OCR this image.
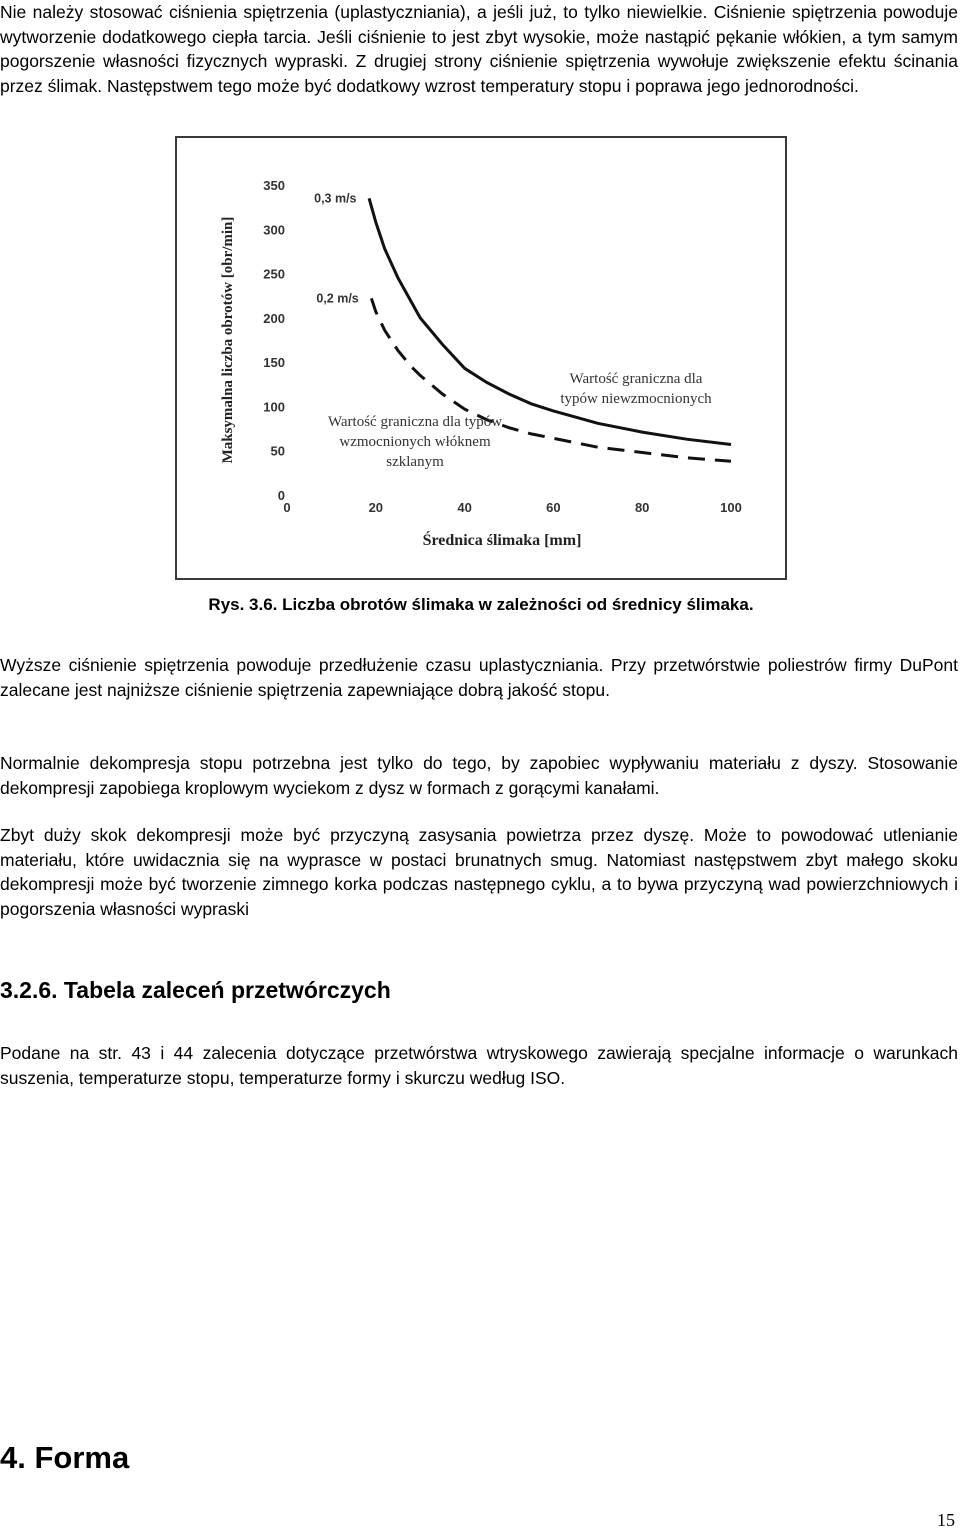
Nie należy stosować ciśnienia spiętrzenia (uplastyczniania), a jeśli już, to tylko niewielkie. Ciśnienie spiętrzenia powoduje wytworzenie dodatkowego ciepła tarcia. Jeśli ciśnienie to jest zbyt wysokie, może nastąpić pękanie włókien, a tym samym pogorszenie własności fizycznych wypraski. Z drugiej strony ciśnienie spiętrzenia wywołuje zwiększenie efektu ścinania przez ślimak. Następstwem tego może być dodatkowy wzrost temperatury stopu i poprawa jego jednorodności.

0
50
100
150
200
250
300
350
0	20	40	60	80	100
0,3 m/s
0,2 m/s
Wartość graniczna dla typów niewzmocnionych
Wartość graniczna dla typów wzmocnionych włóknem szklanym
Średnica ślimaka [mm]
Maksymalna liczba obrotów [obr/min]

Rys. 3.6. Liczba obrotów ślimaka w zależności od średnicy ślimaka.

Wyższe ciśnienie spiętrzenia powoduje przedłużenie czasu uplastyczniania. Przy przetwórstwie poliestrów firmy DuPont zalecane jest najniższe ciśnienie spiętrzenia zapewniające dobrą jakość stopu.

Normalnie dekompresja stopu potrzebna jest tylko do tego, by zapobiec wypływaniu materiału z dyszy. Stosowanie dekompresji zapobiega kroplowym wyciekom z dysz w formach z gorącymi kanałami.

Zbyt duży skok dekompresji może być przyczyną zasysania powietrza przez dyszę. Może to powodować utlenianie materiału, które uwidacznia się na wyprasce w postaci brunatnych smug. Natomiast następstwem zbyt małego skoku dekompresji może być tworzenie zimnego korka podczas następnego cyklu, a to bywa przyczyną wad powierzchniowych i pogorszenia własności wypraski

3.2.6. Tabela zaleceń przetwórczych

Podane na str. 43 i 44 zalecenia dotyczące przetwórstwa wtryskowego zawierają specjalne informacje o warunkach suszenia, temperaturze stopu, temperaturze formy i skurczu według ISO.

4. Forma

15
